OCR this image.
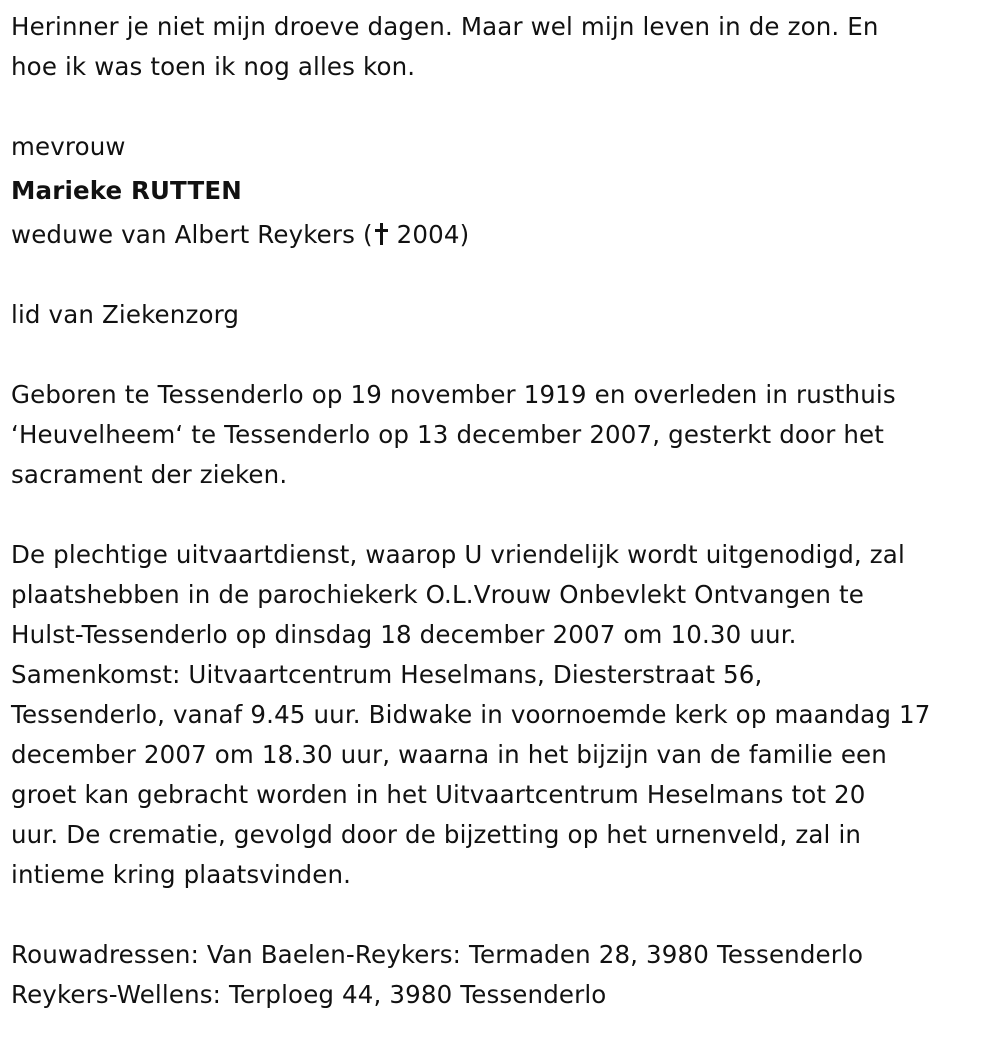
Herinner je niet mijn droeve dagen. Maar wel mijn leven in de zon. En

hoe ik was toen ik nog alles kon.

mevrouw

Marieke RUTTEN

weduwe van Albert Reykers ( 2004)

lid van Ziekenzorg

Geboren te Tessenderlo op 19 november 1919 en overleden in rusthuis

‘Heuvelheem‘ te Tessenderlo op 13 december 2007, gesterkt door het

sacrament der zieken.

De plechtige uitvaartdienst, waarop U vriendelijk wordt uitgenodigd, zal

plaatshebben in de parochiekerk O.L.Vrouw Onbevlekt Ontvangen te

Hulst-Tessenderlo op dinsdag 18 december 2007 om 10.30 uur.

Samenkomst: Uitvaartcentrum Heselmans, Diesterstraat 56,

Tessenderlo, vanaf 9.45 uur. Bidwake in voornoemde kerk op maandag 17

december 2007 om 18.30 uur, waarna in het bijzijn van de familie een

groet kan gebracht worden in het Uitvaartcentrum Heselmans tot 20

uur. De crematie, gevolgd door de bijzetting op het urnenveld, zal in

intieme kring plaatsvinden.

Rouwadressen: Van Baelen-Reykers: Termaden 28, 3980 Tessenderlo

Reykers-Wellens: Terploeg 44, 3980 Tessenderlo
